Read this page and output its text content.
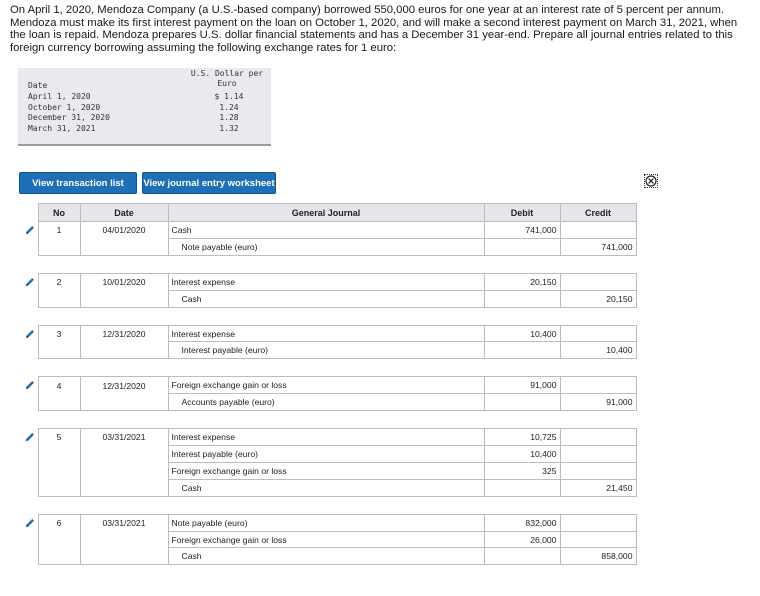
On April 1, 2020, Mendoza Company (a U.S.-based company) borrowed 550,000 euros for one year at an interest rate of 5 percent per annum. Mendoza must make its first interest payment on the loan on October 1, 2020, and will make a second interest payment on March 31, 2021, when the loan is repaid. Mendoza prepares U.S. dollar financial statements and has a December 31 year-end. Prepare all journal entries related to this foreign currency borrowing assuming the following exchange rates for 1 euro:
U.S. Dollar per
Euro
Date
April 1, 2020	$ 1.14
October 1, 2020	1.24
December 31, 2020	1.28
March 31, 2021	1.32
View transaction list	View journal entry worksheet
	No	Date	General Journal	Debit	Credit

	1	04/01/2020	Cash	741,000	
			Note payable (euro)		741,000

	2	10/01/2020	Interest expense	20,150	
			Cash		20,150

	3	12/31/2020	Interest expense	10,400	
			Interest payable (euro)		10,400

	4	12/31/2020	Foreign exchange gain or loss	91,000	
			Accounts payable (euro)		91,000

	5	03/31/2021	Interest expense	10,725	
			Interest payable (euro)	10,400	
			Foreign exchange gain or loss	325	
			Cash		21,450

	6	03/31/2021	Note payable (euro)	832,000	
			Foreign exchange gain or loss	26,000	
			Cash		858,000
